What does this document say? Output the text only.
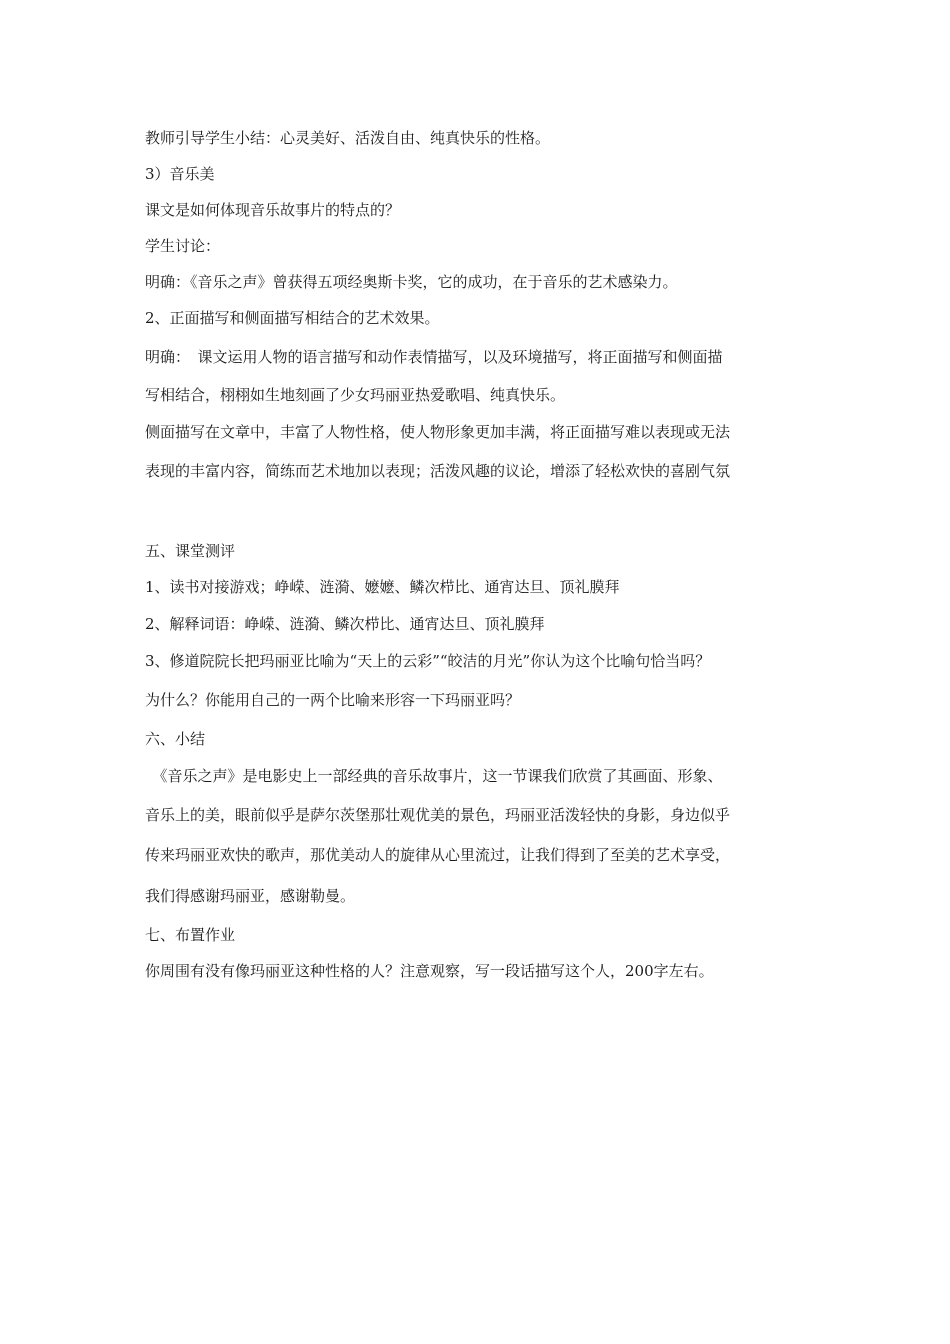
教师引导学生小结：心灵美好、活泼自由、纯真快乐的性格。
3）音乐美
课文是如何体现音乐故事片的特点的？
学生讨论：
明确：《音乐之声》曾获得五项经奥斯卡奖，它的成功，在于音乐的艺术感染力。
2、正面描写和侧面描写相结合的艺术效果。
明确：　课文运用人物的语言描写和动作表情描写，以及环境描写，将正面描写和侧面描
写相结合，栩栩如生地刻画了少女玛丽亚热爱歌唱、纯真快乐。
侧面描写在文章中，丰富了人物性格，使人物形象更加丰满，将正面描写难以表现或无法
表现的丰富内容，简练而艺术地加以表现；活泼风趣的议论，增添了轻松欢快的喜剧气氛
五、课堂测评
1、读书对接游戏；峥嵘、涟漪、嬷嬷、鳞次栉比、通宵达旦、顶礼膜拜
2、解释词语：峥嵘、涟漪、鳞次栉比、通宵达旦、顶礼膜拜
3、修道院院长把玛丽亚比喻为“天上的云彩”“皎洁的月光”你认为这个比喻句恰当吗？
为什么？你能用自己的一两个比喻来形容一下玛丽亚吗？
六、小结
　《音乐之声》是电影史上一部经典的音乐故事片，这一节课我们欣赏了其画面、形象、
音乐上的美，眼前似乎是萨尔茨堡那壮观优美的景色，玛丽亚活泼轻快的身影，身边似乎
传来玛丽亚欢快的歌声，那优美动人的旋律从心里流过，让我们得到了至美的艺术享受，
我们得感谢玛丽亚，感谢勒曼。
七、布置作业
你周围有没有像玛丽亚这种性格的人？注意观察，写一段话描写这个人，200字左右。
